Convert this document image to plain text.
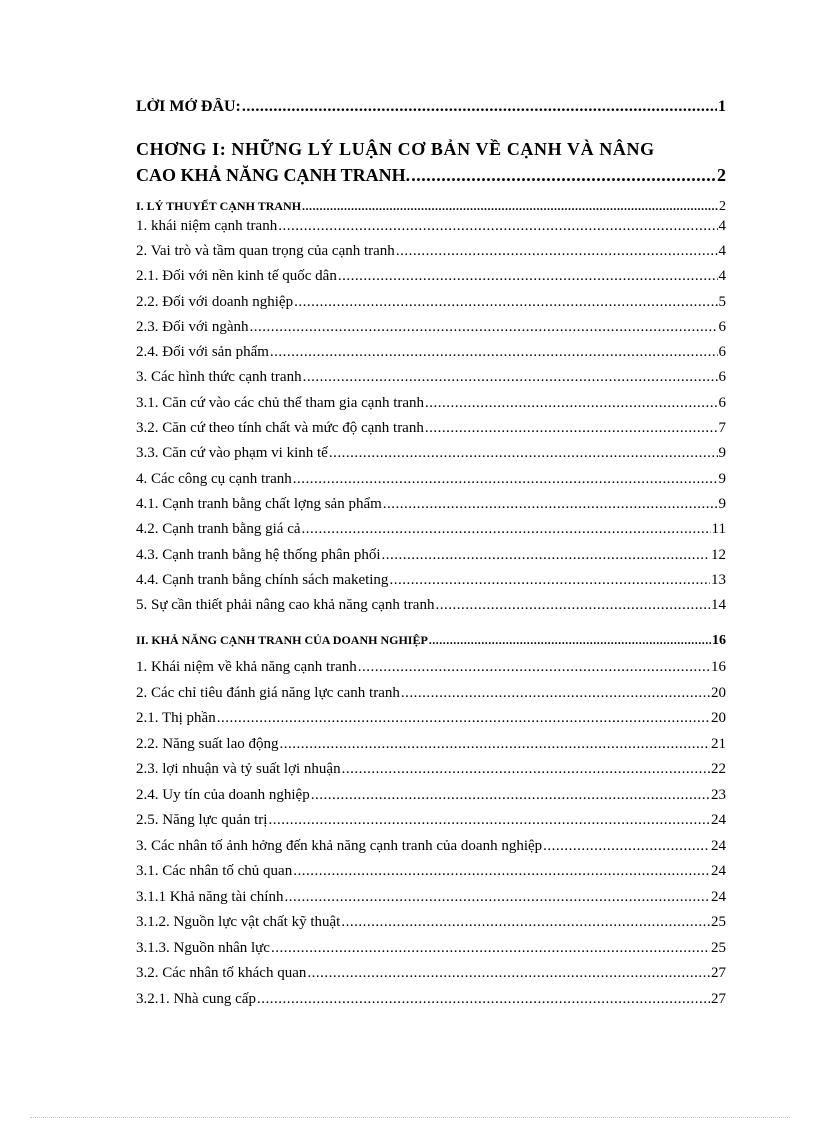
LỜI MỞ ĐẦU: .....	1
CHƠNG I: NHỮNG LÝ LUẬN CƠ BẢN VỀ CẠNH VÀ NÂNG
CAO KHẢ NĂNG CẠNH TRANH. .....	2
I. LÝ THUYẾT CẠNH TRANH .....	2
1. khái niệm cạnh tranh .....	4
2. Vai trò và tầm quan trọng của cạnh tranh .....	4
2.1. Đối với nền kinh tế quốc dân .....	4
2.2. Đối với doanh nghiệp .....	5
2.3. Đối với ngành .....	6
2.4. Đối với sản phẩm .....	6
3. Các hình thức cạnh tranh .....	6
3.1. Căn cứ vào các chủ thể tham gia cạnh tranh .....	6
3.2. Căn cứ theo tính chất và mức độ cạnh tranh .....	7
3.3. Căn cứ vào phạm vi kinh tế .....	9
4. Các công cụ cạnh tranh .....	9
4.1. Cạnh tranh bằng chất lợng sản phẩm .....	9
4.2. Cạnh tranh bằng giá cả .....	11
4.3. Cạnh tranh bằng hệ thống phân phối .....	12
4.4. Cạnh tranh bằng chính sách maketing .....	13
5. Sự cần thiết phải nâng cao khả năng cạnh tranh .....	14
II. KHẢ NĂNG CẠNH TRANH CỦA DOANH NGHIỆP .....	16
1. Khái niệm về khả năng cạnh tranh .....	16
2. Các chỉ tiêu đánh giá năng lực canh tranh .....	20
2.1. Thị phần .....	20
2.2. Năng suất lao động .....	21
2.3. lợi nhuận và tỷ suất lợi nhuận .....	22
2.4. Uy tín của doanh nghiệp .....	23
2.5. Năng lực quản trị .....	24
3. Các nhân tố ảnh hởng đến khả năng cạnh tranh của doanh nghiệp .....	24
3.1. Các nhân tố chủ quan .....	24
3.1.1 Khả năng tài chính .....	24
3.1.2. Nguồn lực vật chất kỹ thuật .....	25
3.1.3. Nguồn nhân lực .....	25
3.2. Các nhân tố khách quan .....	27
3.2.1. Nhà cung cấp .....	27
